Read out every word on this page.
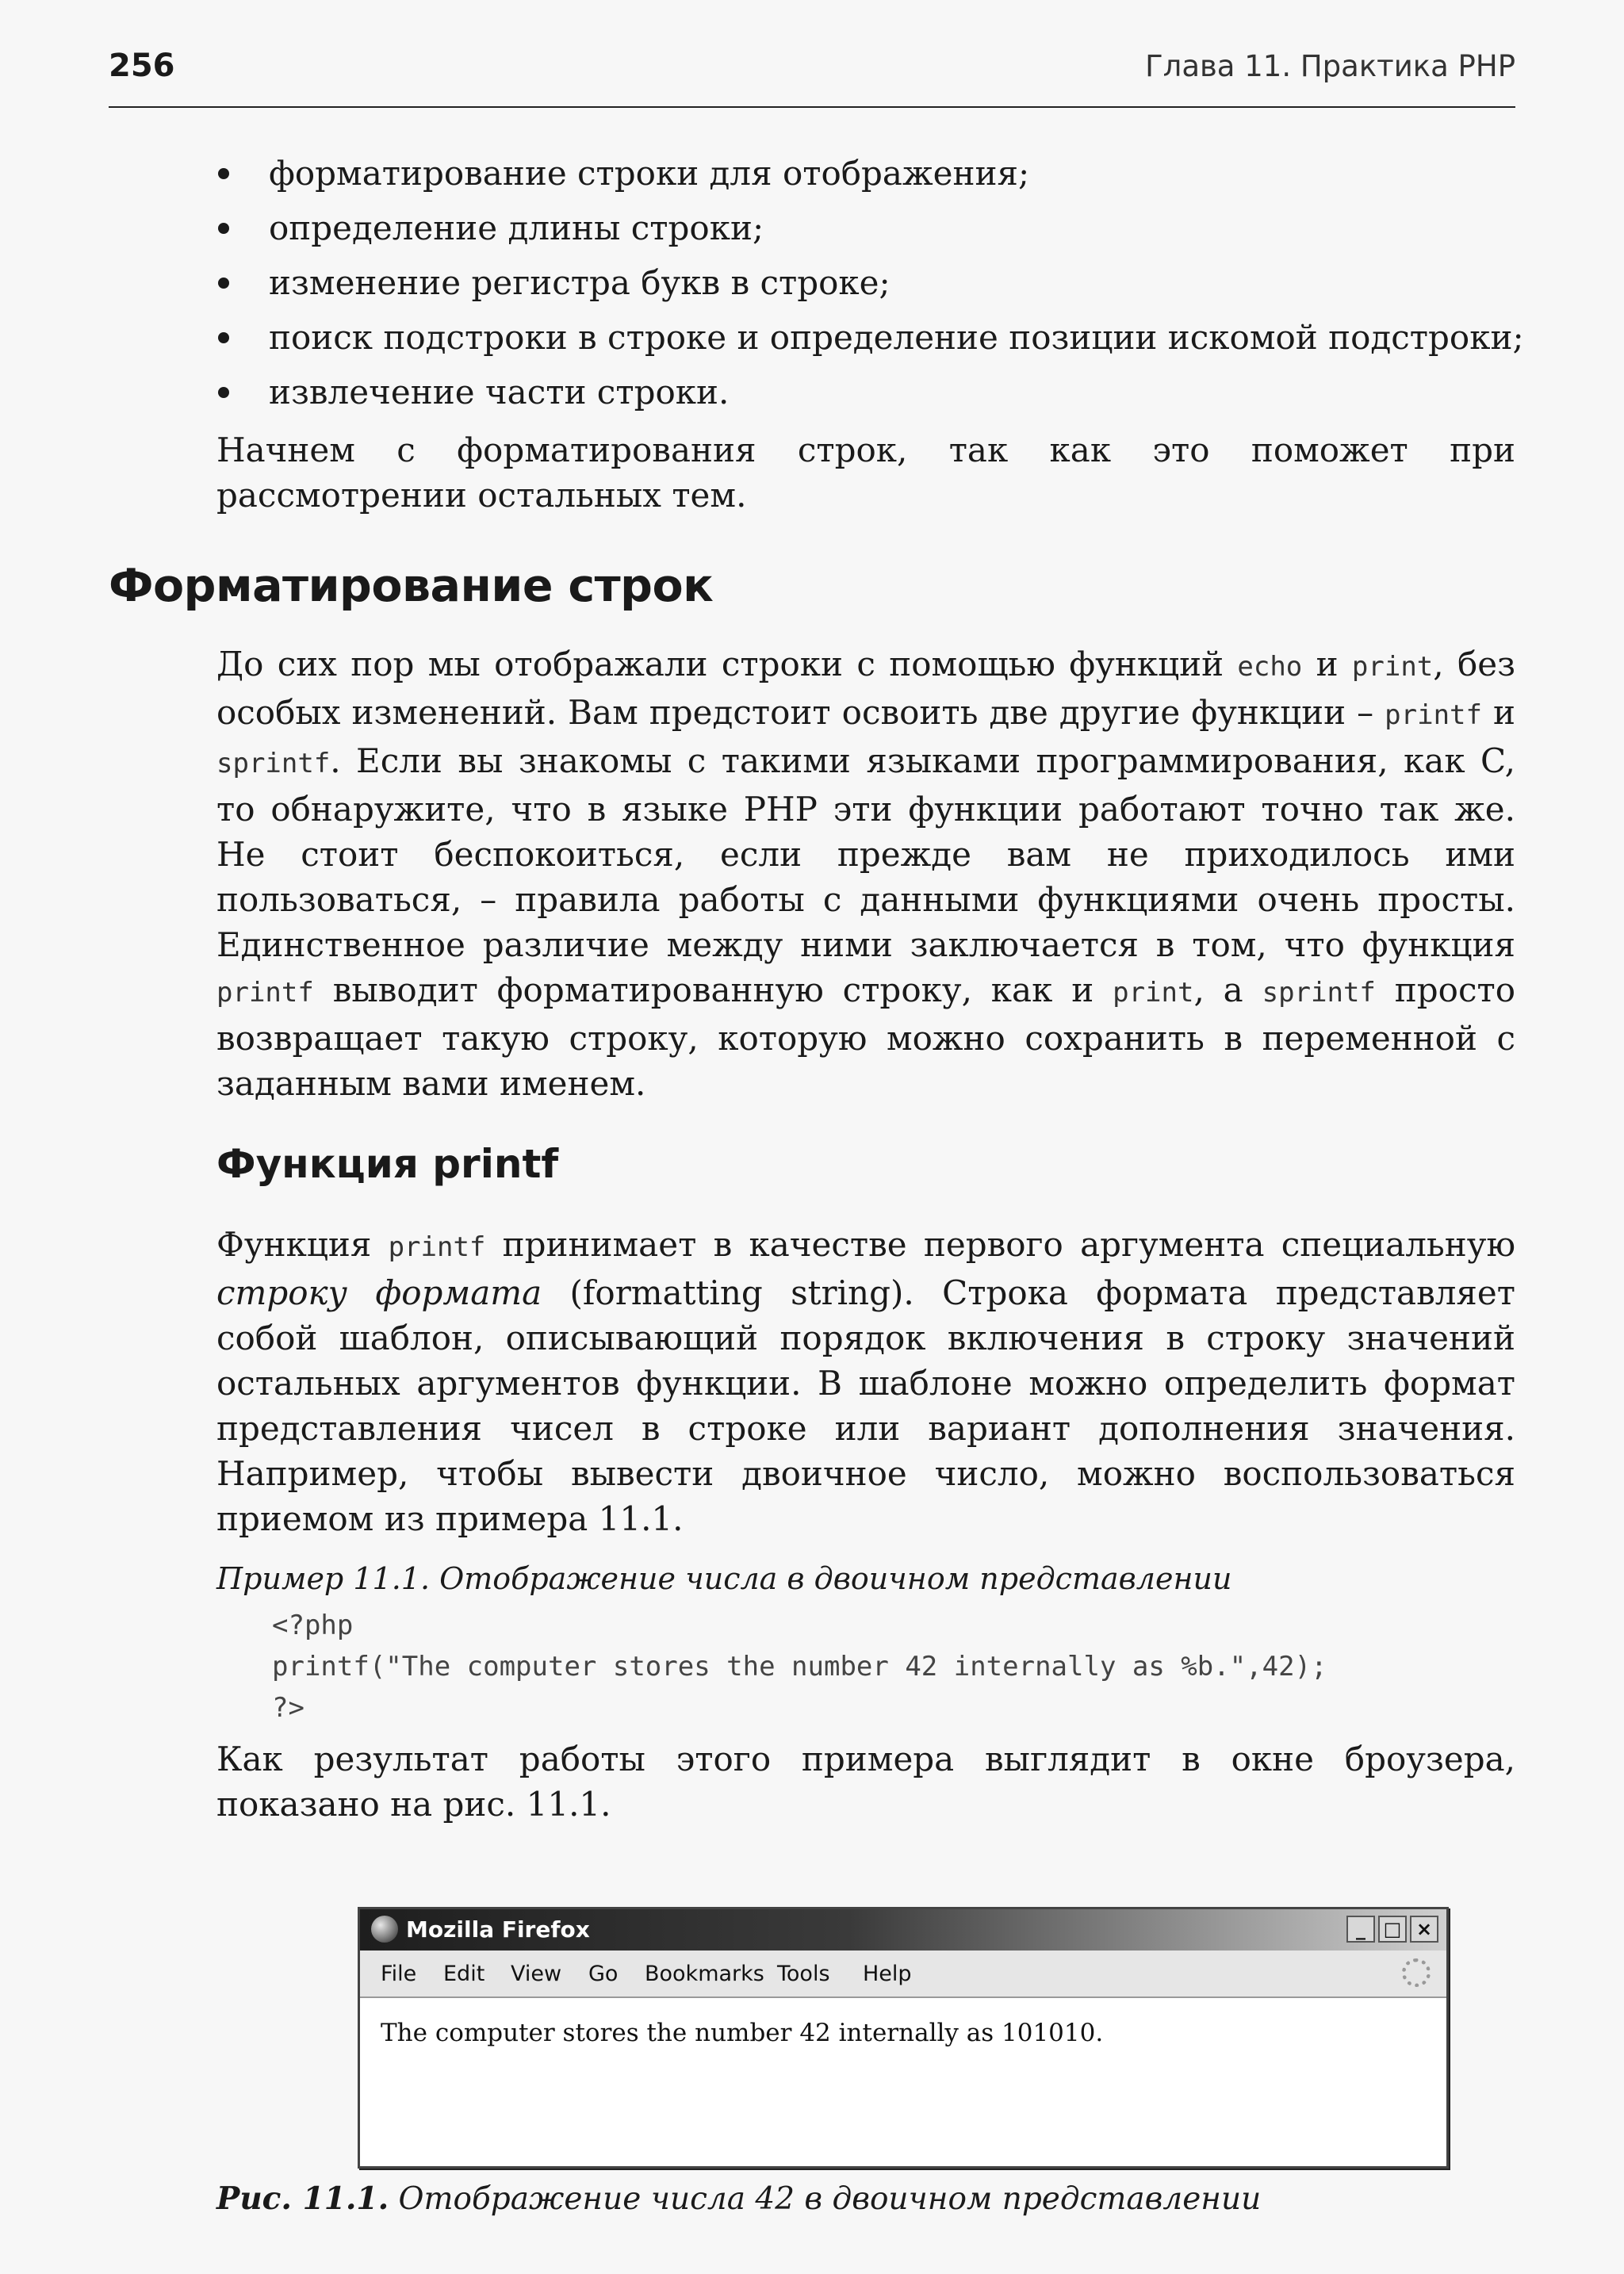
256	Глава 11. Практика PHP
форматирование строки для отображения;
определение длины строки;
изменение регистра букв в строке;
поиск подстроки в строке и определение позиции искомой подстроки;
извлечение части строки.

Начнем с форматирования строк, так как это поможет при рассмотрении остальных тем.

Форматирование строк

До сих пор мы отображали строки с помощью функций echo и print, без особых изменений. Вам предстоит освоить две другие функции – printf и sprintf. Если вы знакомы с такими языками программирования, как C, то обнаружите, что в языке PHP эти функции работают точно так же. Не стоит беспокоиться, если прежде вам не приходилось ими пользоваться, – правила работы с данными функциями очень просты. Единственное различие между ними заключается в том, что функция printf выводит форматированную строку, как и print, а sprintf просто возвращает такую строку, которую можно сохранить в переменной с заданным вами именем.

Функция printf

Функция printf принимает в качестве первого аргумента специальную строку формата (formatting string). Строка формата представляет собой шаблон, описывающий порядок включения в строку значений остальных аргументов функции. В шаблоне можно определить формат представления чисел в строке или вариант дополнения значения. Например, чтобы вывести двоичное число, можно воспользоваться приемом из примера 11.1.

Пример 11.1. Отображение числа в двоичном представлении
<?php
printf("The computer stores the number 42 internally as %b.",42);
?>

Как результат работы этого примера выглядит в окне броузера, показано на рис. 11.1.

Mozilla Firefox	_ □ ×
File Edit View Go Bookmarks Tools Help
The computer stores the number 42 internally as 101010.
Рис. 11.1. Отображение числа 42 в двоичном представлении
